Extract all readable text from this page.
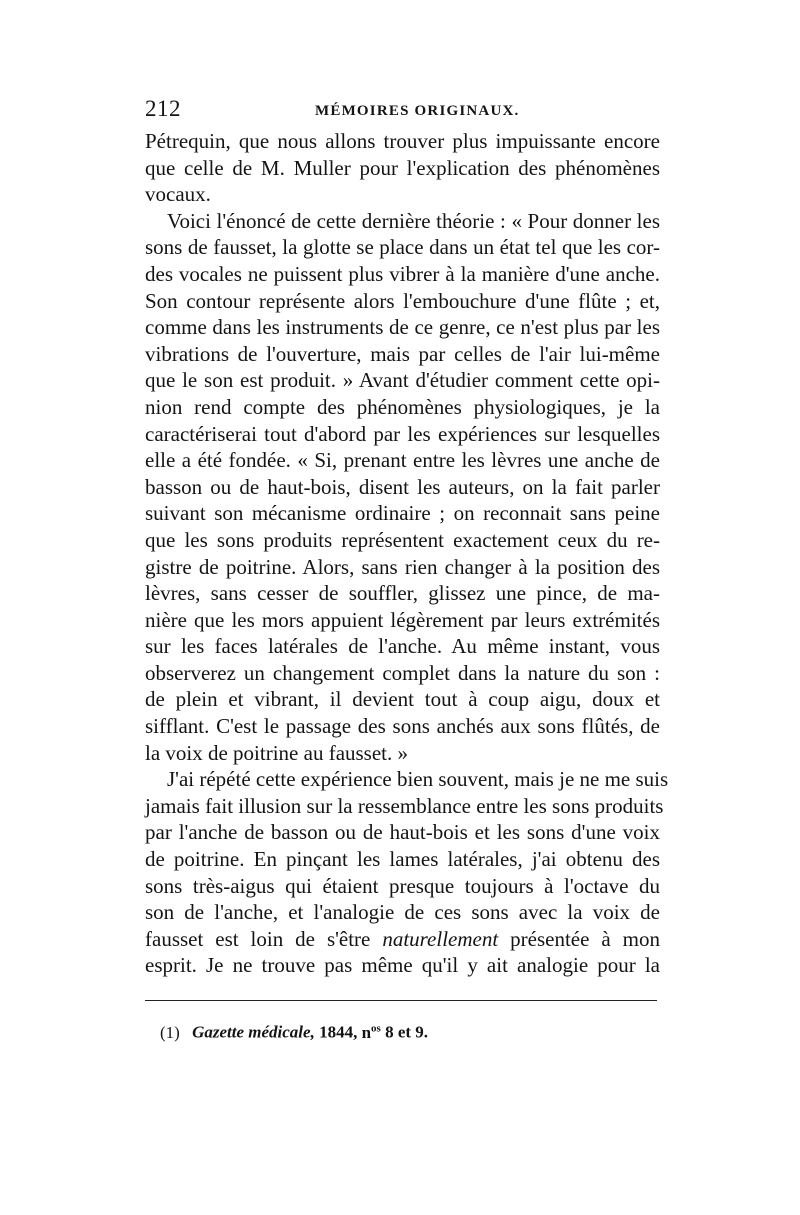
212	MÉMOIRES ORIGINAUX.
Pétrequin, que nous allons trouver plus impuissante encore
que celle de M. Muller pour l'explication des phénomènes
vocaux.
Voici l'énoncé de cette dernière théorie : « Pour donner les
sons de fausset, la glotte se place dans un état tel que les cor-
des vocales ne puissent plus vibrer à la manière d'une anche.
Son contour représente alors l'embouchure d'une flûte ; et,
comme dans les instruments de ce genre, ce n'est plus par les
vibrations de l'ouverture, mais par celles de l'air lui-même
que le son est produit. » Avant d'étudier comment cette opi-
nion rend compte des phénomènes physiologiques, je la
caractériserai tout d'abord par les expériences sur lesquelles
elle a été fondée. « Si, prenant entre les lèvres une anche de
basson ou de haut-bois, disent les auteurs, on la fait parler
suivant son mécanisme ordinaire ; on reconnait sans peine
que les sons produits représentent exactement ceux du re-
gistre de poitrine. Alors, sans rien changer à la position des
lèvres, sans cesser de souffler, glissez une pince, de ma-
nière que les mors appuient légèrement par leurs extrémités
sur les faces latérales de l'anche. Au même instant, vous
observerez un changement complet dans la nature du son :
de plein et vibrant, il devient tout à coup aigu, doux et
sifflant. C'est le passage des sons anchés aux sons flûtés, de
la voix de poitrine au fausset. »
J'ai répété cette expérience bien souvent, mais je ne me suis
jamais fait illusion sur la ressemblance entre les sons produits
par l'anche de basson ou de haut-bois et les sons d'une voix
de poitrine. En pinçant les lames latérales, j'ai obtenu des
sons très-aigus qui étaient presque toujours à l'octave du
son de l'anche, et l'analogie de ces sons avec la voix de
fausset est loin de s'être naturellement présentée à mon
esprit. Je ne trouve pas même qu'il y ait analogie pour la
(1) Gazette médicale, 1844, $n^{os}$ 8 et 9.
